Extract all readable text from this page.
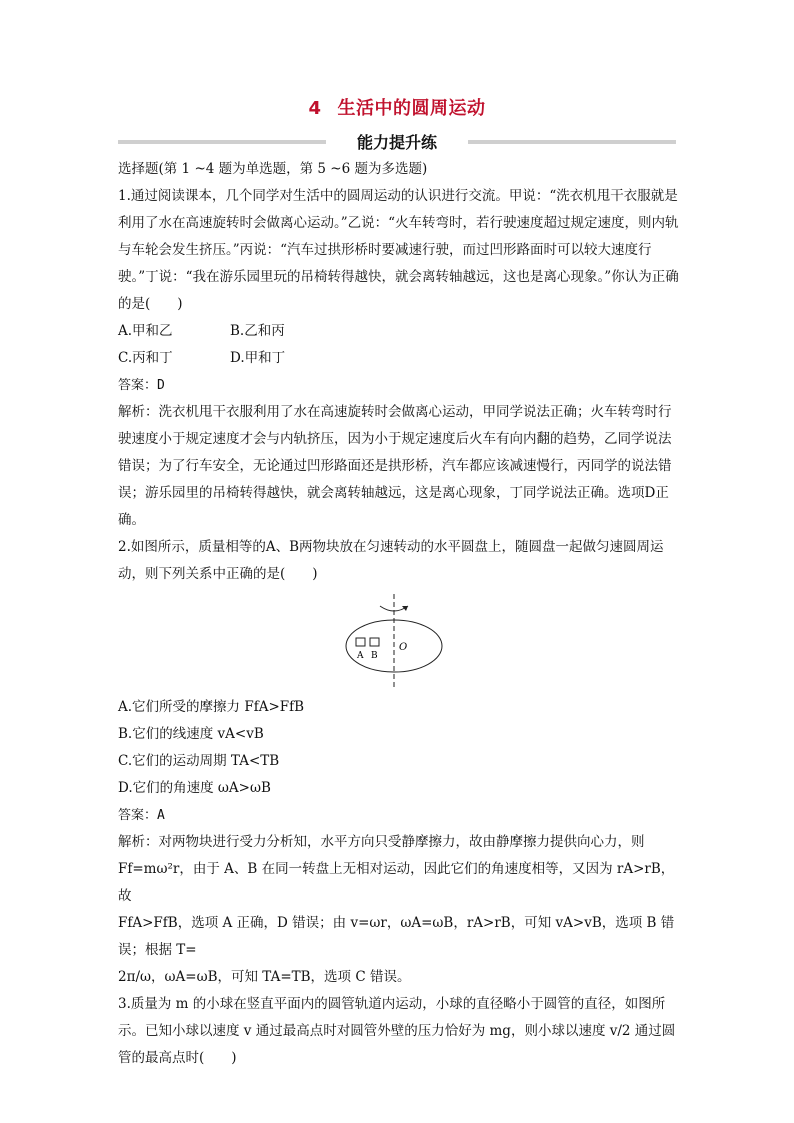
4 生活中的圆周运动
能力提升练

选择题(第 1 ~4 题为单选题，第 5 ~6 题为多选题)

1.通过阅读课本，几个同学对生活中的圆周运动的认识进行交流。甲说：“洗衣机甩干衣服就是利用了水在高速旋转时会做离心运动。”乙说：“火车转弯时，若行驶速度超过规定速度，则内轨与车轮会发生挤压。”丙说：“汽车过拱形桥时要减速行驶，而过凹形路面时可以较大速度行驶。”丁说：“我在游乐园里玩的吊椅转得越快，就会离转轴越远，这也是离心现象。”你认为正确的是(　　)

A.甲和乙	B.乙和丙
C.丙和丁	D.甲和丁

答案：D

解析：洗衣机甩干衣服利用了水在高速旋转时会做离心运动，甲同学说法正确；火车转弯时行驶速度小于规定速度才会与内轨挤压，因为小于规定速度后火车有向内翻的趋势，乙同学说法错误；为了行车安全，无论通过凹形路面还是拱形桥，汽车都应该减速慢行，丙同学的说法错误；游乐园里的吊椅转得越快，就会离转轴越远，这是离心现象，丁同学说法正确。选项D正确。

2.如图所示，质量相等的A、B两物块放在匀速转动的水平圆盘上，随圆盘一起做匀速圆周运动，则下列关系中正确的是(　　)

A B
O

A.它们所受的摩擦力 FfA>FfB

B.它们的线速度 vA<vB

C.它们的运动周期 TA<TB

D.它们的角速度 ωA>ωB

答案：A

解析：对两物块进行受力分析知，水平方向只受静摩擦力，故由静摩擦力提供向心力，则

Ff=mω²r，由于 A、B 在同一转盘上无相对运动，因此它们的角速度相等，又因为 rA>rB，故

FfA>FfB，选项 A 正确，D 错误；由 v=ωr，ωA=ωB，rA>rB，可知 vA>vB，选项 B 错误；根据 T=

2π/ω，ωA=ωB，可知 TA=TB，选项 C 错误。

3.质量为 m 的小球在竖直平面内的圆管轨道内运动，小球的直径略小于圆管的直径，如图所示。已知小球以速度 v 通过最高点时对圆管外壁的压力恰好为 mg，则小球以速度 v/2 通过圆管的最高点时(　　)
